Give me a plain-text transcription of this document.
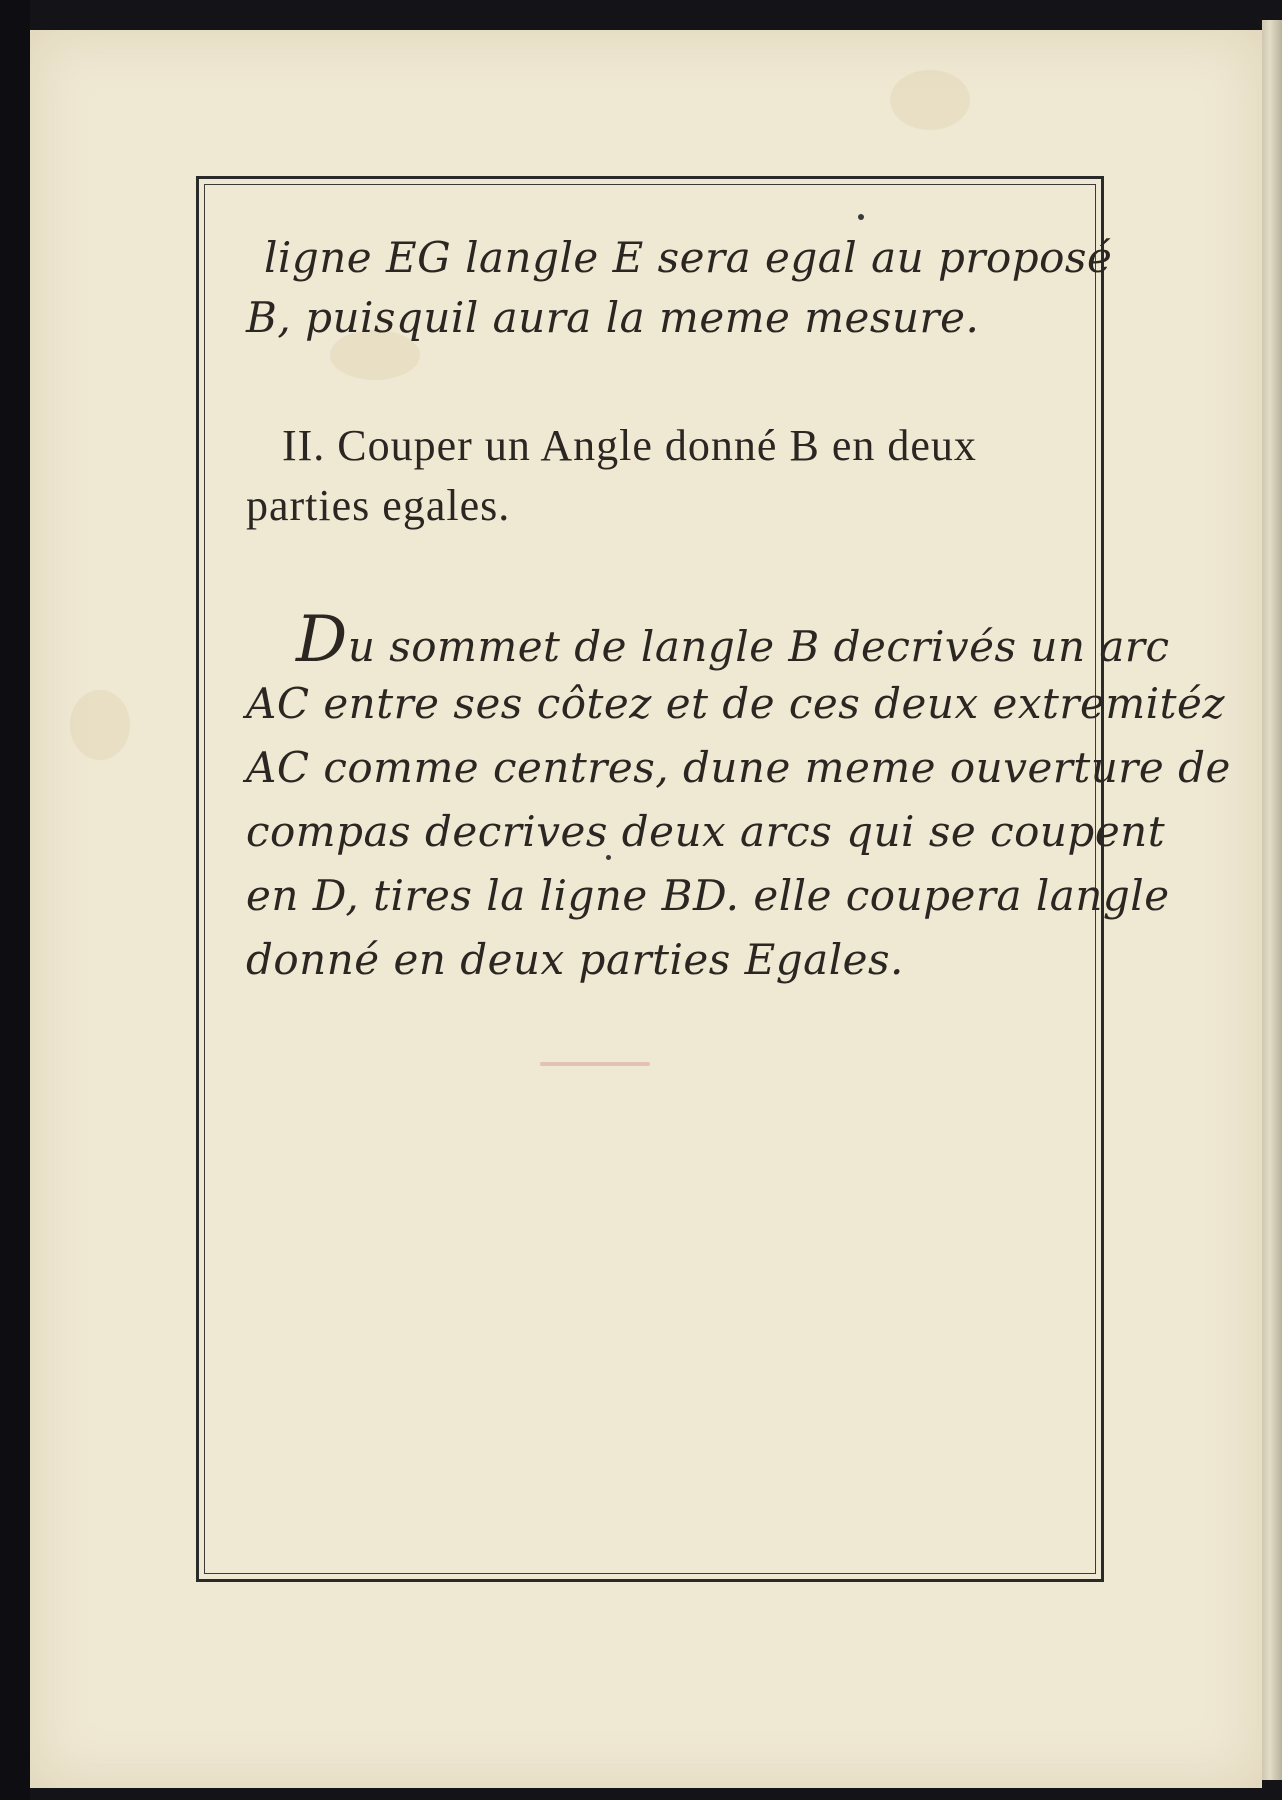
ligne EG langle E sera egal au proposé
B, puisquil aura la meme mesure.
II. Couper un Angle donné B en deux
parties egales.
Du sommet de langle B decrivés un arc
AC entre ses côtez et de ces deux extremitéz
AC comme centres, dune meme ouverture de
compas decrives deux arcs qui se coupent
en D, tires la ligne BD. elle coupera langle
donné en deux parties Egales.
